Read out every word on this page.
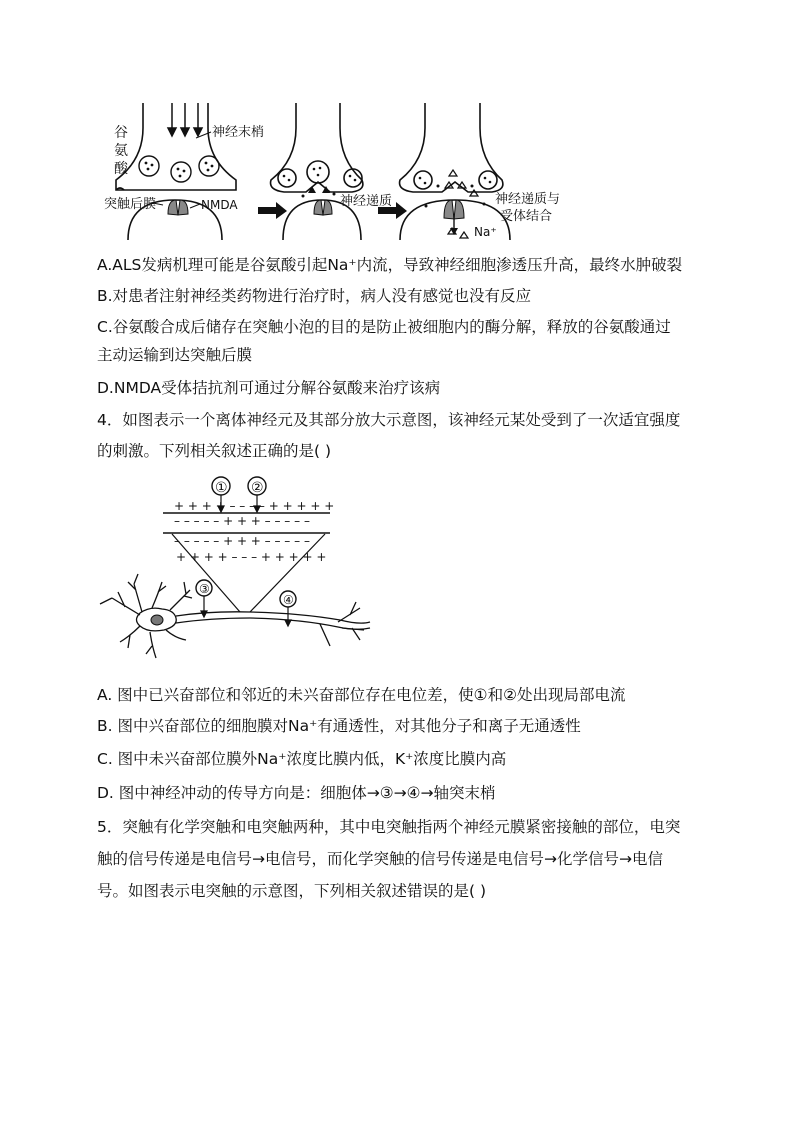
谷
氨
酸
神经末梢
突触后膜	NMDA	神经递质	神经递质与
受体结合
Na⁺
A.ALS发病机理可能是谷氨酸引起Na⁺内流，导致神经细胞渗透压升高，最终水肿破裂
B.对患者注射神经类药物进行治疗时，病人没有感觉也没有反应
C.谷氨酸合成后储存在突触小泡的目的是防止被细胞内的酶分解，释放的谷氨酸通过
主动运输到达突触后膜
D.NMDA受体拮抗剂可通过分解谷氨酸来治疗该病
4．如图表示一个离体神经元及其部分放大示意图，该神经元某处受到了一次适宜强度
的刺激。下列相关叙述正确的是( )
① ②
③
④
+ + + + – – – – + + + + +
– – – – – + + + – – – – –
– – – – – + + + – – – – –
+ + + + – – – + + + + +
A. 图中已兴奋部位和邻近的未兴奋部位存在电位差，使①和②处出现局部电流
B. 图中兴奋部位的细胞膜对Na⁺有通透性，对其他分子和离子无通透性
C. 图中未兴奋部位膜外Na⁺浓度比膜内低，K⁺浓度比膜内高
D. 图中神经冲动的传导方向是：细胞体→③→④→轴突末梢
5．突触有化学突触和电突触两种，其中电突触指两个神经元膜紧密接触的部位，电突
触的信号传递是电信号→电信号，而化学突触的信号传递是电信号→化学信号→电信
号。如图表示电突触的示意图，下列相关叙述错误的是( )
